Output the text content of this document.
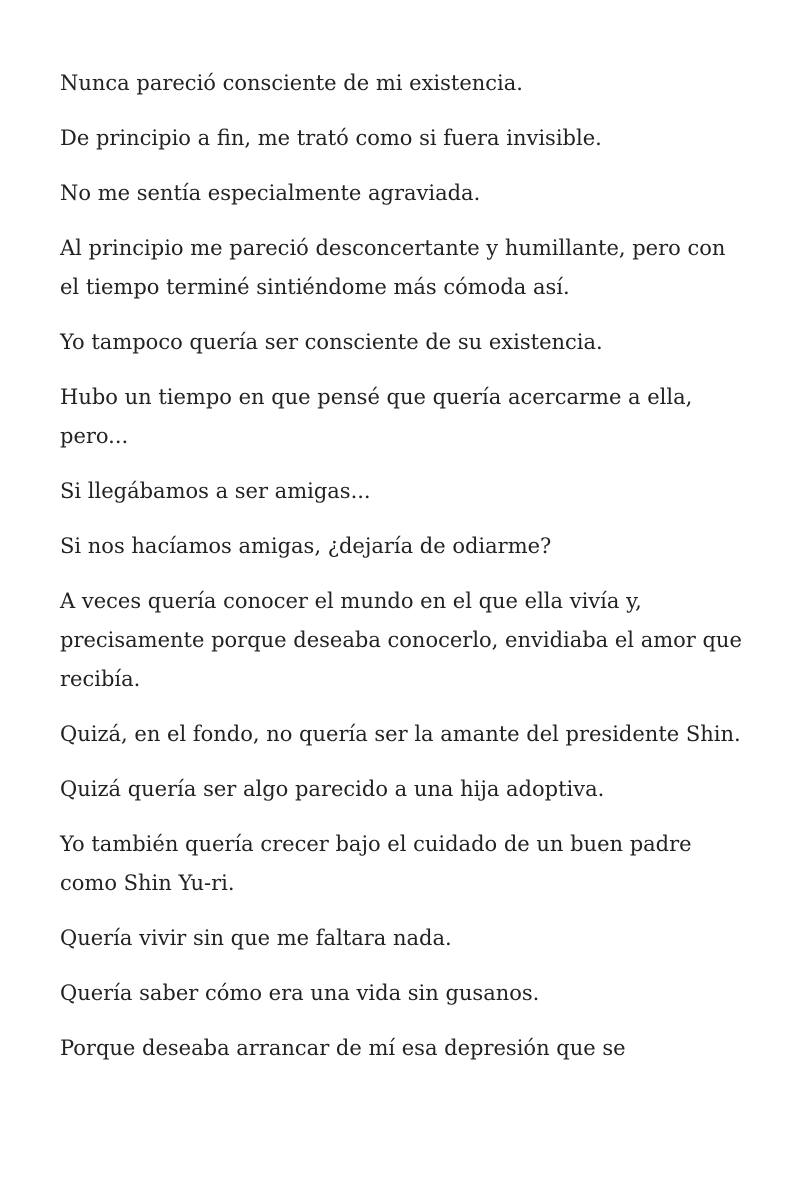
Nunca pareció consciente de mi existencia.

De principio a fin, me trató como si fuera invisible.

No me sentía especialmente agraviada.

Al principio me pareció desconcertante y humillante, pero con el tiempo terminé sintiéndome más cómoda así.

Yo tampoco quería ser consciente de su existencia.

Hubo un tiempo en que pensé que quería acercarme a ella, pero...

Si llegábamos a ser amigas...

Si nos hacíamos amigas, ¿dejaría de odiarme?

A veces quería conocer el mundo en el que ella vivía y, precisamente porque deseaba conocerlo, envidiaba el amor que recibía.

Quizá, en el fondo, no quería ser la amante del presidente Shin.

Quizá quería ser algo parecido a una hija adoptiva.

Yo también quería crecer bajo el cuidado de un buen padre como Shin Yu-ri.

Quería vivir sin que me faltara nada.

Quería saber cómo era una vida sin gusanos.

Porque deseaba arrancar de mí esa depresión que se
